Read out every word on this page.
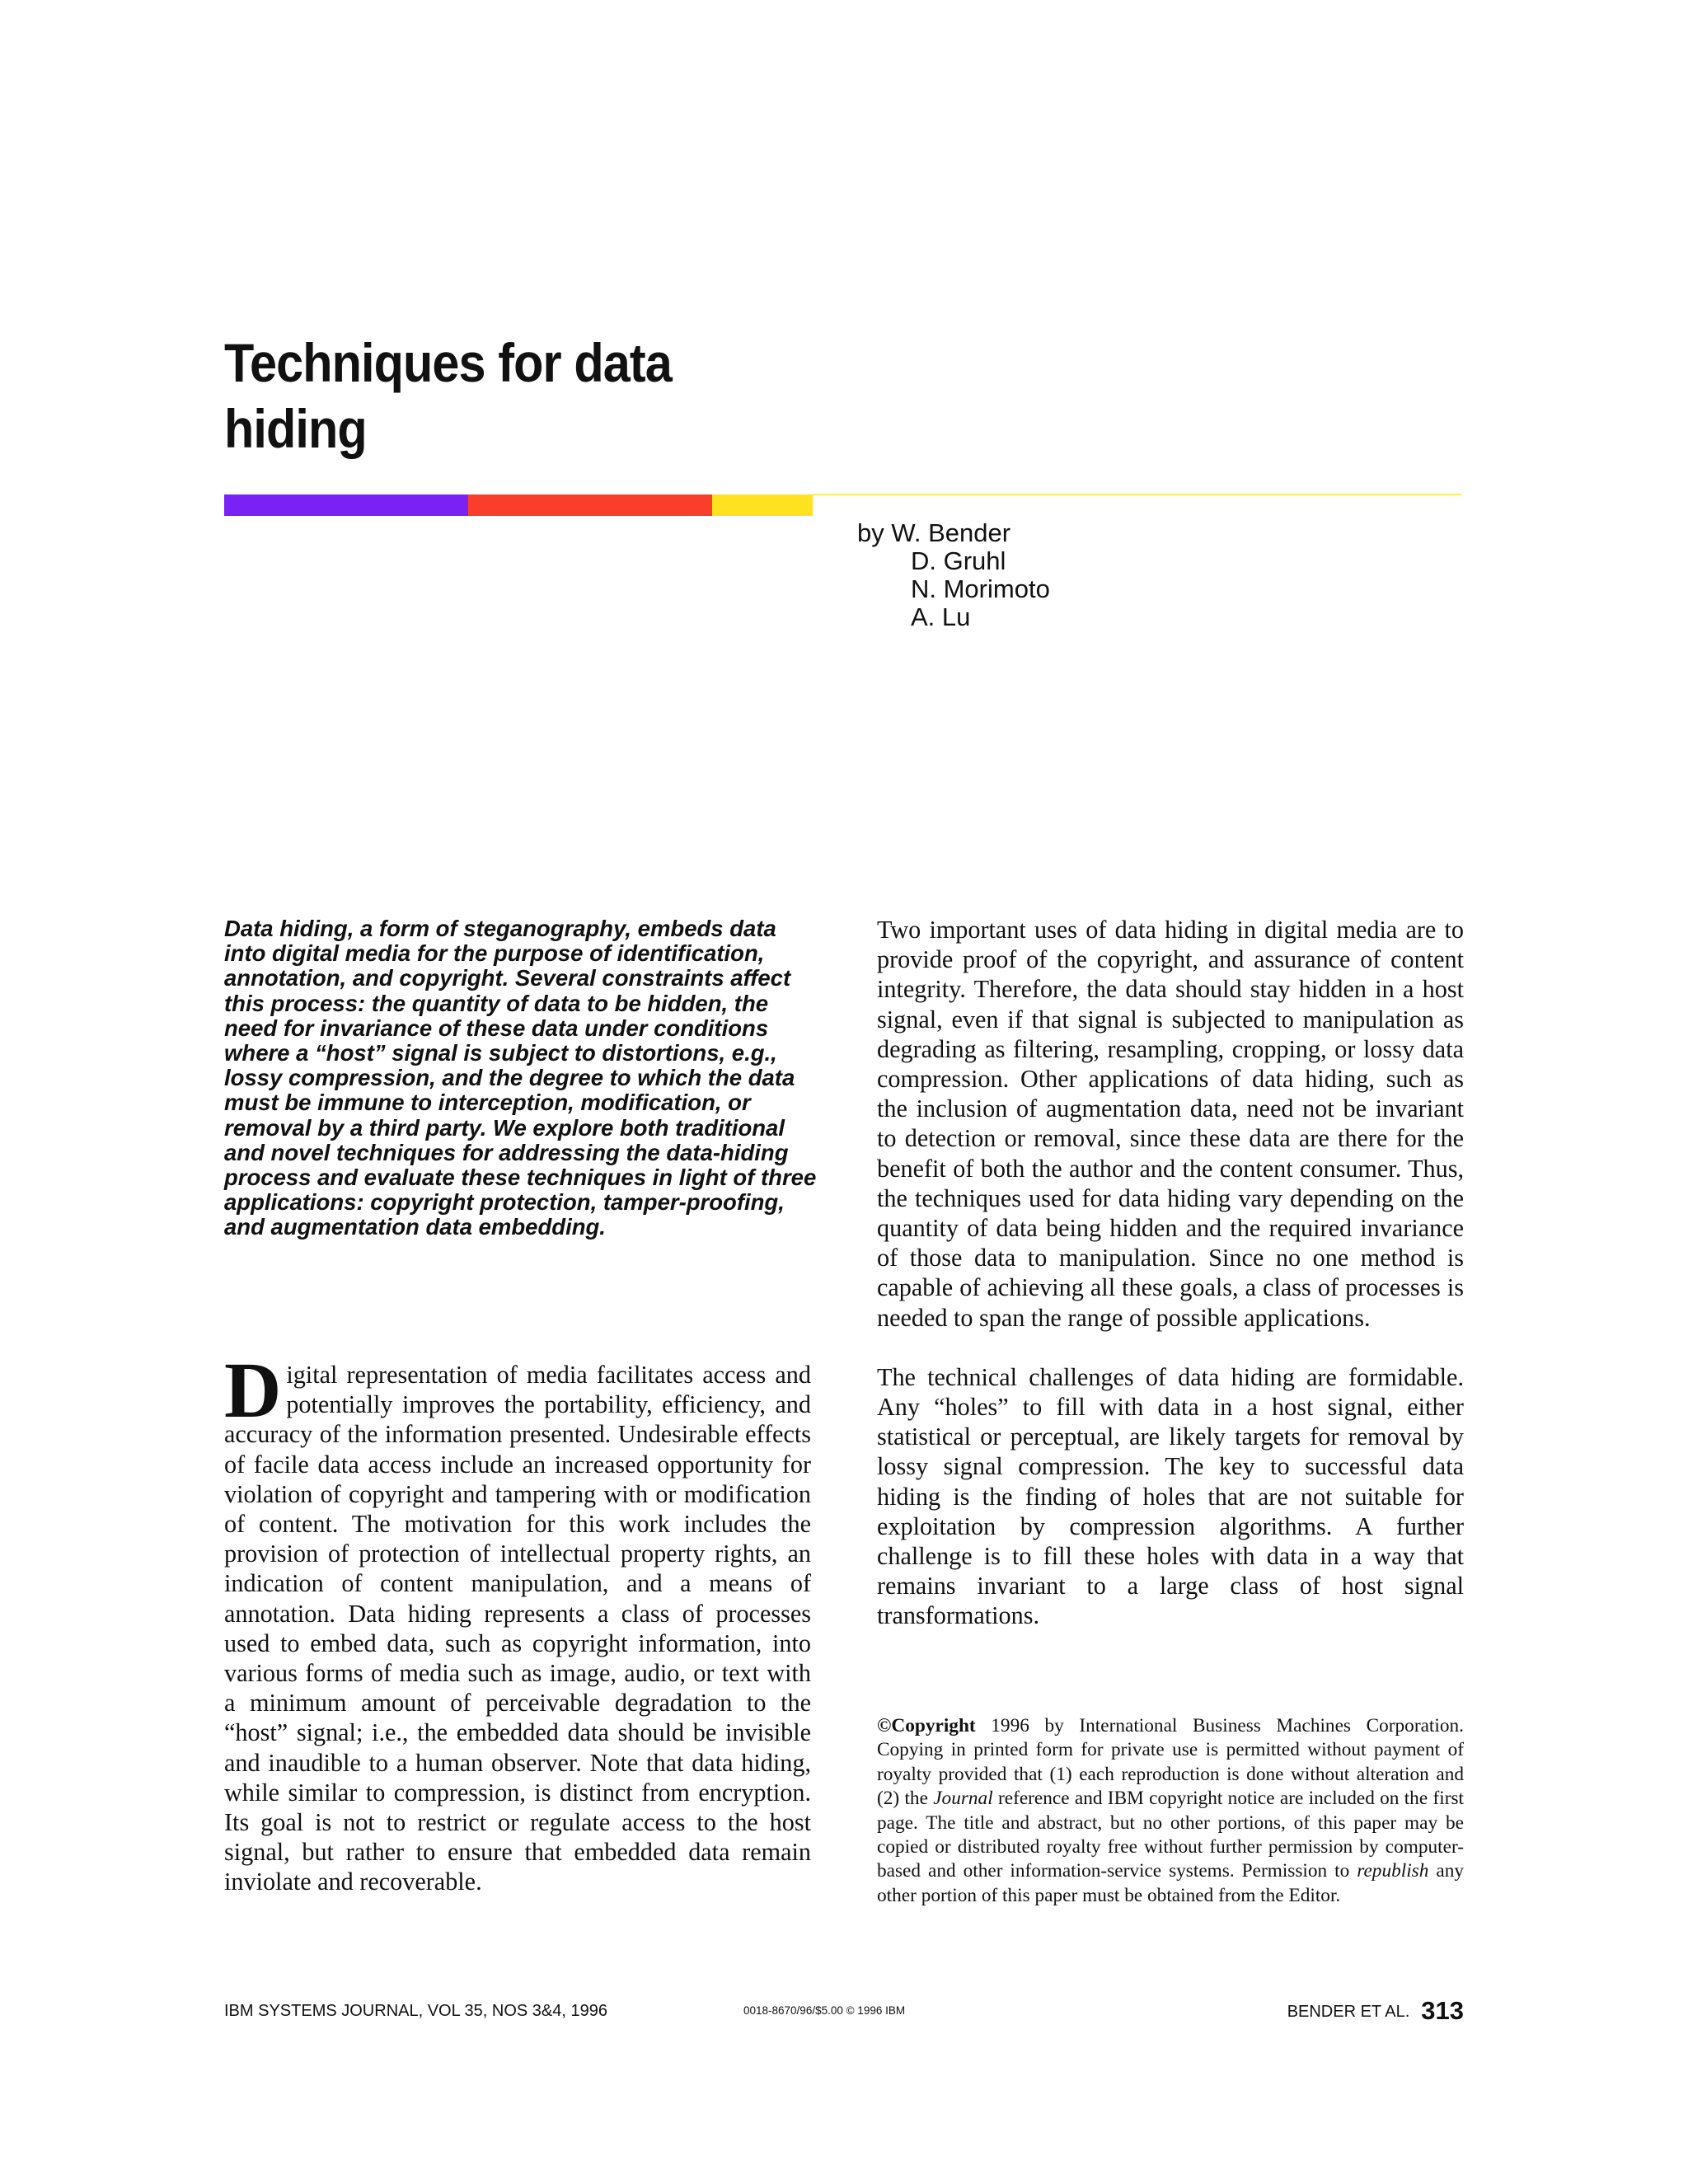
Techniques for data
hiding
by W. Bender
D. Gruhl
N. Morimoto
A. Lu

Data hiding, a form of steganography, embeds data into digital media for the purpose of identification, annotation, and copyright. Several constraints affect this process: the quantity of data to be hidden, the need for invariance of these data under conditions where a “host” signal is subject to distortions, e.g., lossy compression, and the degree to which the data must be immune to interception, modification, or removal by a third party. We explore both traditional and novel techniques for addressing the data-hiding process and evaluate these techniques in light of three applications: copyright protection, tamper-proofing, and augmentation data embedding.

Digital representation of media facilitates access and potentially improves the portability, efficiency, and accuracy of the information presented. Undesirable effects of facile data access include an increased opportunity for violation of copyright and tampering with or modification of content. The motivation for this work includes the provision of protection of intellectual property rights, an indication of content manipulation, and a means of annotation. Data hiding represents a class of processes used to embed data, such as copyright information, into various forms of media such as image, audio, or text with a minimum amount of perceivable degradation to the “host” signal; i.e., the embedded data should be invisible and inaudible to a human observer. Note that data hiding, while similar to compression, is distinct from encryption. Its goal is not to restrict or regulate access to the host signal, but rather to ensure that embedded data remain inviolate and recoverable.

Two important uses of data hiding in digital media are to provide proof of the copyright, and assurance of content integrity. Therefore, the data should stay hidden in a host signal, even if that signal is subjected to manipulation as degrading as filtering, resampling, cropping, or lossy data compression. Other applications of data hiding, such as the inclusion of augmentation data, need not be invariant to detection or removal, since these data are there for the benefit of both the author and the content consumer. Thus, the techniques used for data hiding vary depending on the quantity of data being hidden and the required invariance of those data to manipulation. Since no one method is capable of achieving all these goals, a class of processes is needed to span the range of possible applications.

The technical challenges of data hiding are formidable. Any “holes” to fill with data in a host signal, either statistical or perceptual, are likely targets for removal by lossy signal compression. The key to successful data hiding is the finding of holes that are not suitable for exploitation by compression algorithms. A further challenge is to fill these holes with data in a way that remains invariant to a large class of host signal transformations.

©Copyright 1996 by International Business Machines Corporation. Copying in printed form for private use is permitted without payment of royalty provided that (1) each reproduction is done without alteration and (2) the Journal reference and IBM copyright notice are included on the first page. The title and abstract, but no other portions, of this paper may be copied or distributed royalty free without further permission by computer-based and other information-service systems. Permission to republish any other portion of this paper must be obtained from the Editor.

IBM SYSTEMS JOURNAL, VOL 35, NOS 3&4, 1996	0018-8670/96/$5.00 © 1996 IBM	BENDER ET AL. 313
